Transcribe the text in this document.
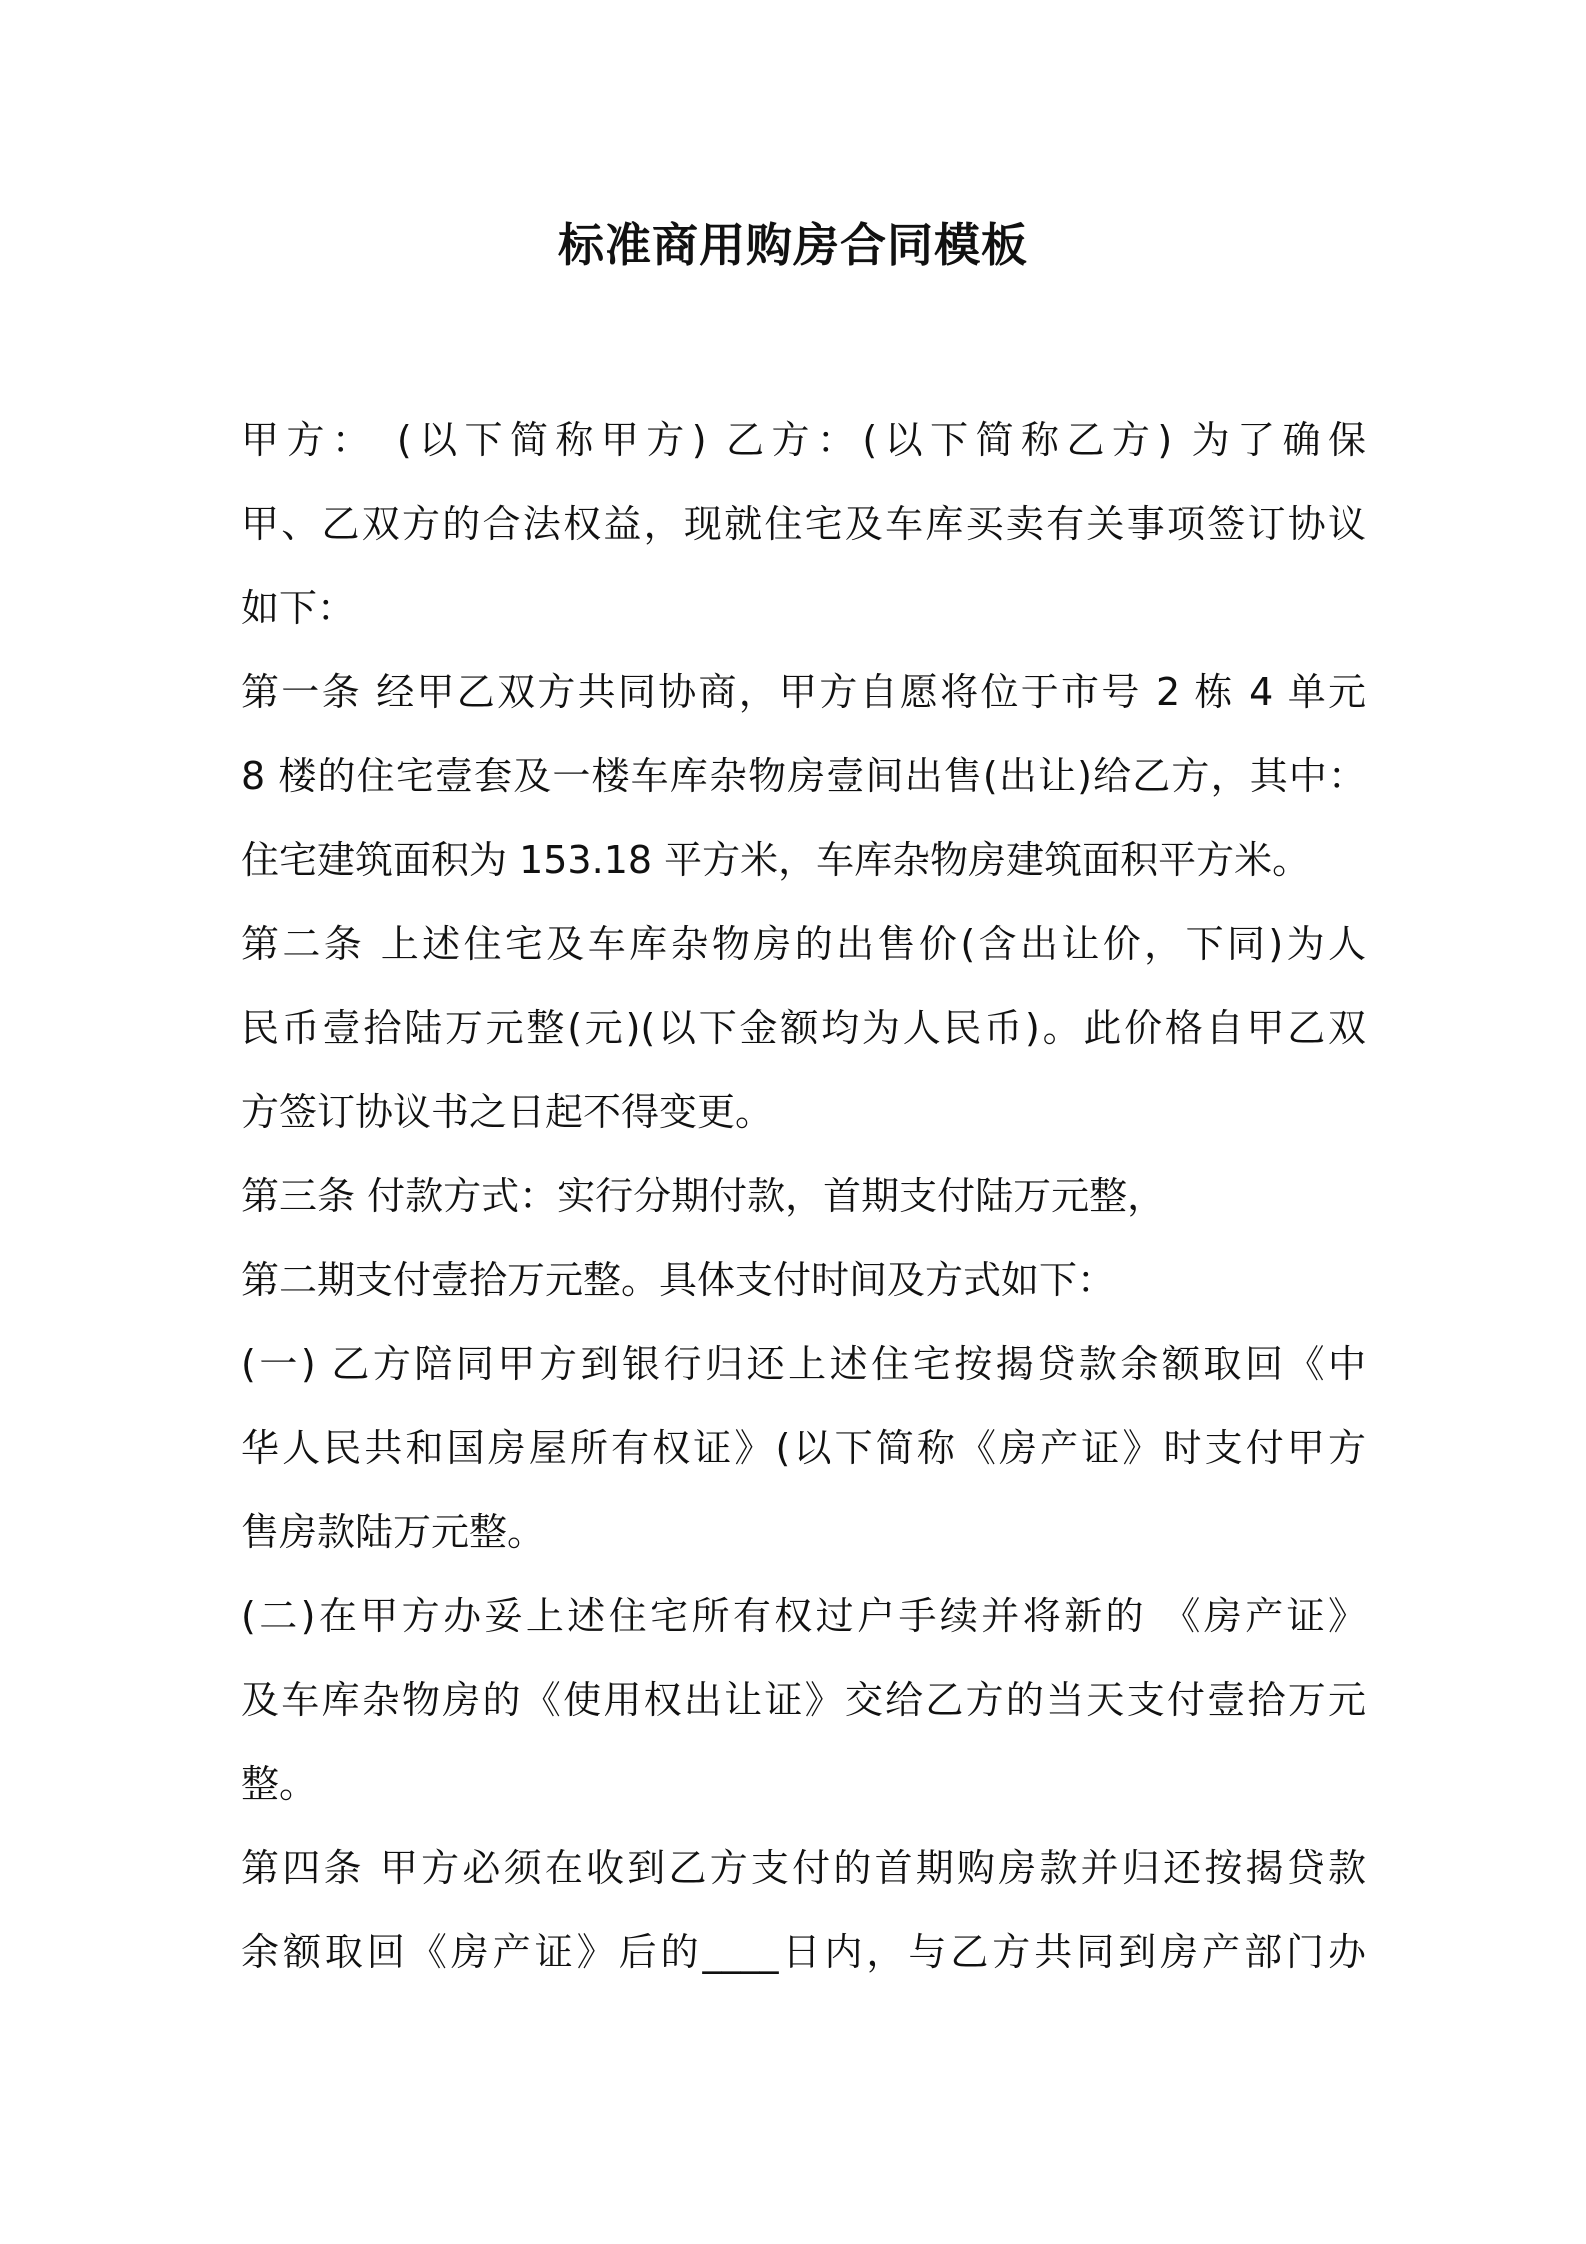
标准商用购房合同模板
甲方： (以下简称甲方) 乙方：(以下简称乙方) 为了确保
甲、乙双方的合法权益，现就住宅及车库买卖有关事项签订协议
如下：
第一条 经甲乙双方共同协商，甲方自愿将位于市号 2 栋 4 单元
8 楼的住宅壹套及一楼车库杂物房壹间出售(出让)给乙方，其中：
住宅建筑面积为 153.18 平方米，车库杂物房建筑面积平方米。
第二条 上述住宅及车库杂物房的出售价(含出让价，下同)为人
民币壹拾陆万元整(元)(以下金额均为人民币)。此价格自甲乙双
方签订协议书之日起不得变更。
第三条 付款方式：实行分期付款，首期支付陆万元整，
第二期支付壹拾万元整。具体支付时间及方式如下：
(一) 乙方陪同甲方到银行归还上述住宅按揭贷款余额取回《中
华人民共和国房屋所有权证》(以下简称《房产证》时支付甲方
售房款陆万元整。
(二)在甲方办妥上述住宅所有权过户手续并将新的 《房产证》
及车库杂物房的《使用权出让证》交给乙方的当天支付壹拾万元
整。
第四条 甲方必须在收到乙方支付的首期购房款并归还按揭贷款
余额取回《房产证》后的____日内，与乙方共同到房产部门办
